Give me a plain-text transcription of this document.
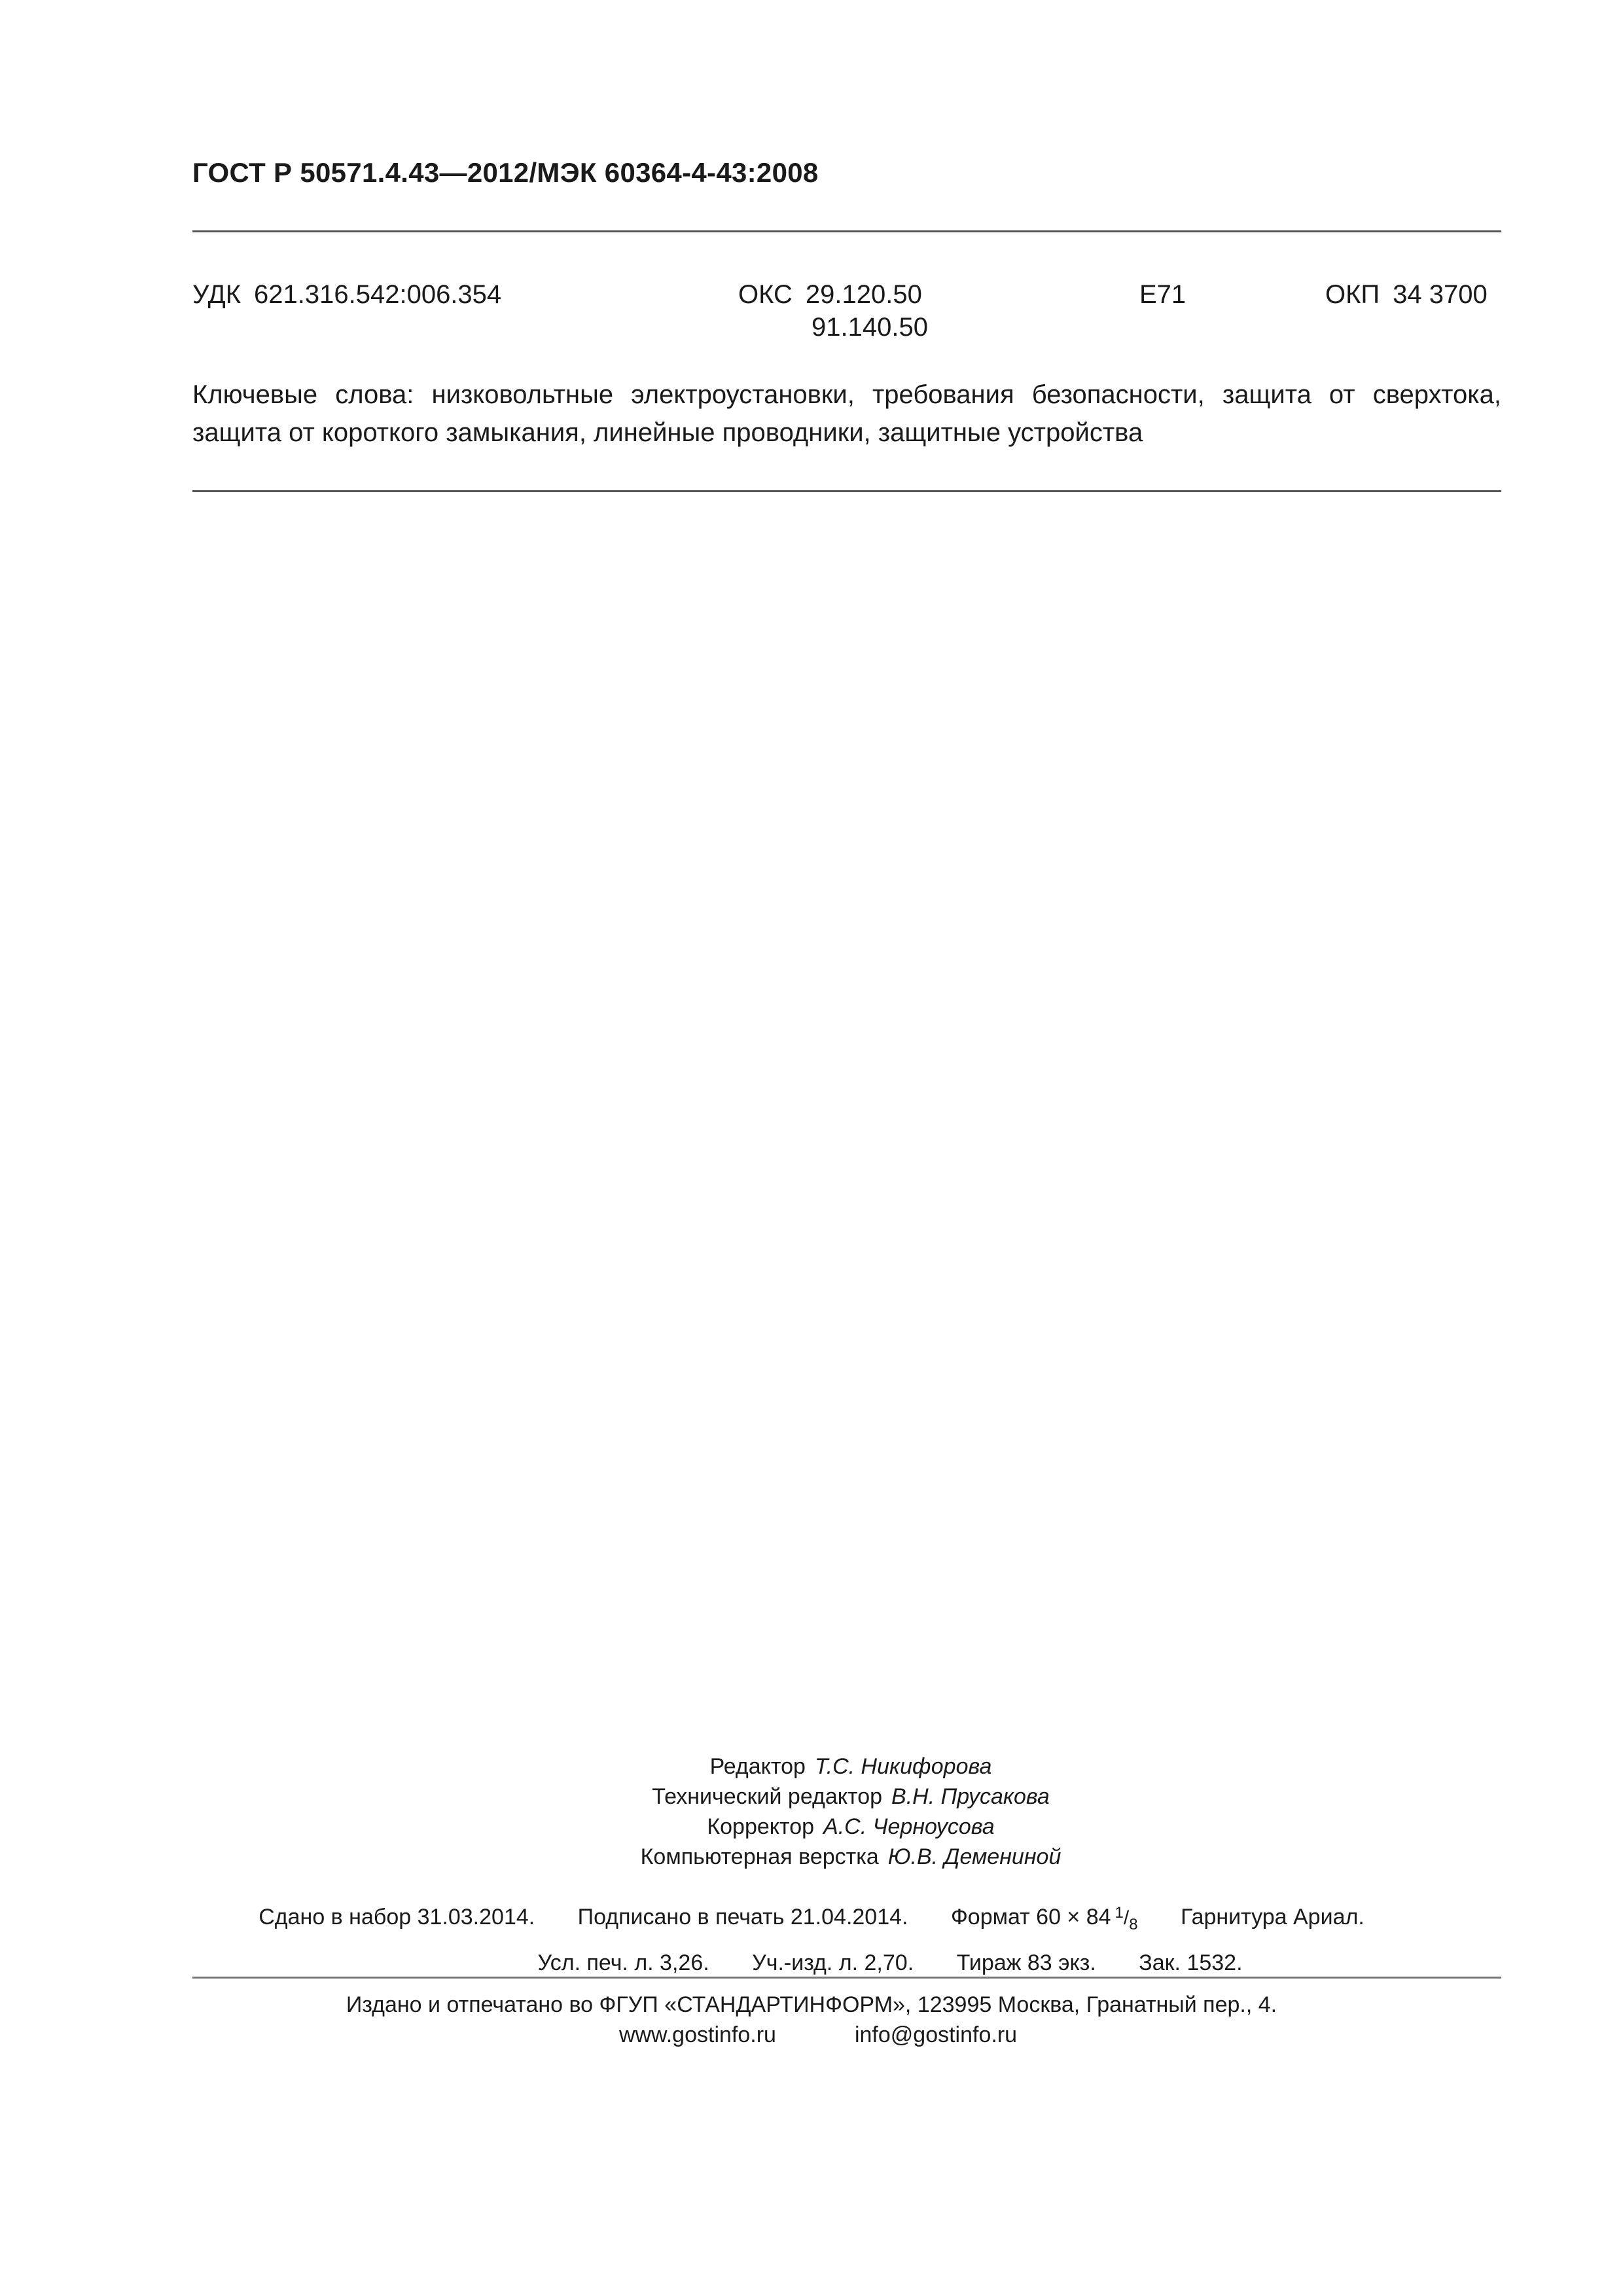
ГОСТ Р 50571.4.43—2012/МЭК 60364-4-43:2008
УДК 621.316.542:006.354	ОКС 29.120.50
91.140.50
Е71	ОКП 34 3700
Ключевые слова: низковольтные электроустановки, требования безопасности, защита от сверхтока,
защита от короткого замыкания, линейные проводники, защитные устройства
Редактор Т.С. Никифорова
Технический редактор В.Н. Прусакова
Корректор А.С. Черноусова
Компьютерная верстка Ю.В. Демениной
Сдано в набор 31.03.2014. Подписано в печать 21.04.2014. Формат 60 × 84 $^1/_8$ Гарнитура Ариал.
Усл. печ. л. 3,26. Уч.-изд. л. 2,70. Тираж 83 экз. Зак. 1532.
Издано и отпечатано во ФГУП «СТАНДАРТИНФОРМ», 123995 Москва, Гранатный пер., 4.
www.gostinfo.ru	info@gostinfo.ru
